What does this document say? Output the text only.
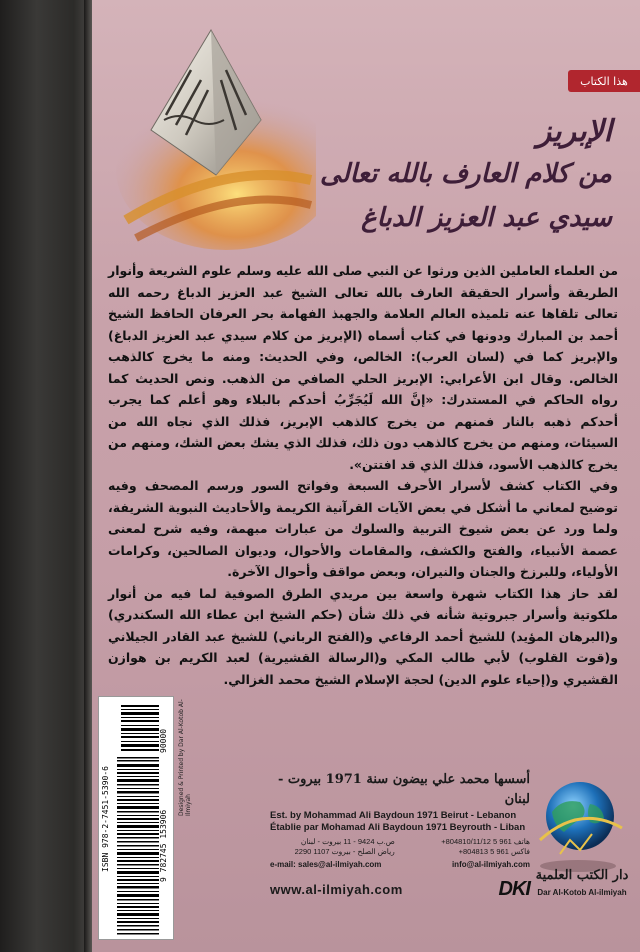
هذا الكتاب
الإبريز
من كلام العارف بالله تعالى
سيدي عبد العزيز الدباغ

من العلماء العاملين الذين ورثوا عن النبي صلى الله عليه وسلم علوم الشريعة وأنوار الطريقة وأسرار الحقيقة العارف بالله تعالى الشيخ عبد العزيز الدباغ رحمه الله تعالى تلقاها عنه تلميذه العالم العلامة والجهبذ الفهامة بحر العرفان الحافظ الشيخ أحمد بن المبارك ودونها في كتاب أسماه (الإبريز من كلام سيدي عبد العزيز الدباغ) والإبريز كما في (لسان العرب): الخالص، وفي الحديث: ومنه ما يخرج كالذهب الخالص. وقال ابن الأعرابي: الإبريز الحلي الصافي من الذهب. ونص الحديث كما رواه الحاكم في المستدرك: «إنَّ الله لَيُجَرِّبُ أحدكم بالبلاء وهو أعلم كما يجرب أحدكم ذهبه بالنار فمنهم من يخرج كالذهب الإبريز، فذلك الذي نجاه الله من السيئات، ومنهم من يخرج كالذهب دون ذلك، فذلك الذي يشك بعض الشك، ومنهم من يخرج كالذهب الأسود، فذلك الذي قد افتتن».

وفي الكتاب كشف لأسرار الأحرف السبعة وفواتح السور ورسم المصحف وفيه توضيح لمعاني ما أشكل في بعض الآيات القرآنية الكريمة والأحاديث النبوية الشريفة، ولما ورد عن بعض شيوخ التربية والسلوك من عبارات مبهمة، وفيه شرح لمعنى عصمة الأنبياء، والفتح والكشف، والمقامات والأحوال، وديوان الصالحين، وكرامات الأولياء، وللبرزخ والجنان والنيران، وبعض مواقف وأحوال الآخرة.

لقد حاز هذا الكتاب شهرة واسعة بين مريدي الطرق الصوفية لما فيه من أنوار ملكوتية وأسرار جبروتية شأنه في ذلك شأن (حكم الشيخ ابن عطاء الله السكندري) و(البرهان المؤيد) للشيخ أحمد الرفاعي و(الفتح الرباني) للشيخ عبد القادر الجيلاني و(قوت القلوب) لأبي طالب المكي و(الرسالة القشيرية) لعبد الكريم بن هوازن القشيري و(إحياء علوم الدين) لحجة الإسلام الشيخ محمد الغزالي.

ISBN 978-2-7451-5390-6
90000
9 782745 153906
Designed & Printed by Dar Al-Kotob Al-Ilmiyah
أسسها محمد علي بيضون سنة 1971 بيروت - لبنان
Est. by Mohammad Ali Baydoun 1971 Beirut - Lebanon
Établie par Mohamad Ali Baydoun 1971 Beyrouth - Liban
ص.ب 9424 - 11 بيروت - لبنان
رياض الصلح - بيروت 1107 2290
هاتف 961 5 804810/11/12+
فاكس 961 5 804813+
e-mail: sales@al-ilmiyah.com	info@al-ilmiyah.com
www.al-ilmiyah.com	DKI
دار الكتب العلمية
Dar Al-Kotob Al-ilmiyah
